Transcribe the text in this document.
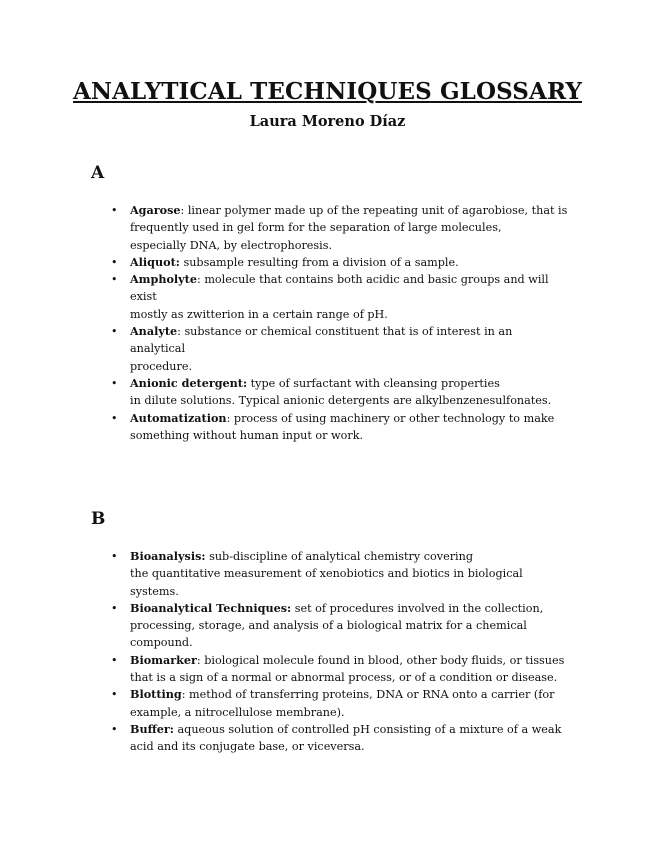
ANALYTICAL TECHNIQUES GLOSSARY

Laura Moreno Díaz

A
• Agarose: linear polymer made up of the repeating unit of agarobiose, that is
frequently used in gel form for the separation of large molecules,
especially DNA, by electrophoresis.
• Aliquot: subsample resulting from a division of a sample.
• Ampholyte: molecule that contains both acidic and basic groups and will exist
mostly as zwitterion in a certain range of pH.
• Analyte: substance or chemical constituent that is of interest in an analytical
procedure.
• Anionic detergent: type of surfactant with cleansing properties
in dilute solutions. Typical anionic detergents are alkylbenzenesulfonates.
• Automatization: process of using machinery or other technology to make
something without human input or work.
B
• Bioanalysis: sub-discipline of analytical chemistry covering
the quantitative measurement of xenobiotics and biotics in biological systems.
• Bioanalytical Techniques: set of procedures involved in the collection,
processing, storage, and analysis of a biological matrix for a chemical
compound.
• Biomarker: biological molecule found in blood, other body fluids, or tissues
that is a sign of a normal or abnormal process, or of a condition or disease.
• Blotting: method of transferring proteins, DNA or RNA onto a carrier (for
example, a nitrocellulose membrane).
• Buffer: aqueous solution of controlled pH consisting of a mixture of a weak
acid and its conjugate base, or viceversa.
